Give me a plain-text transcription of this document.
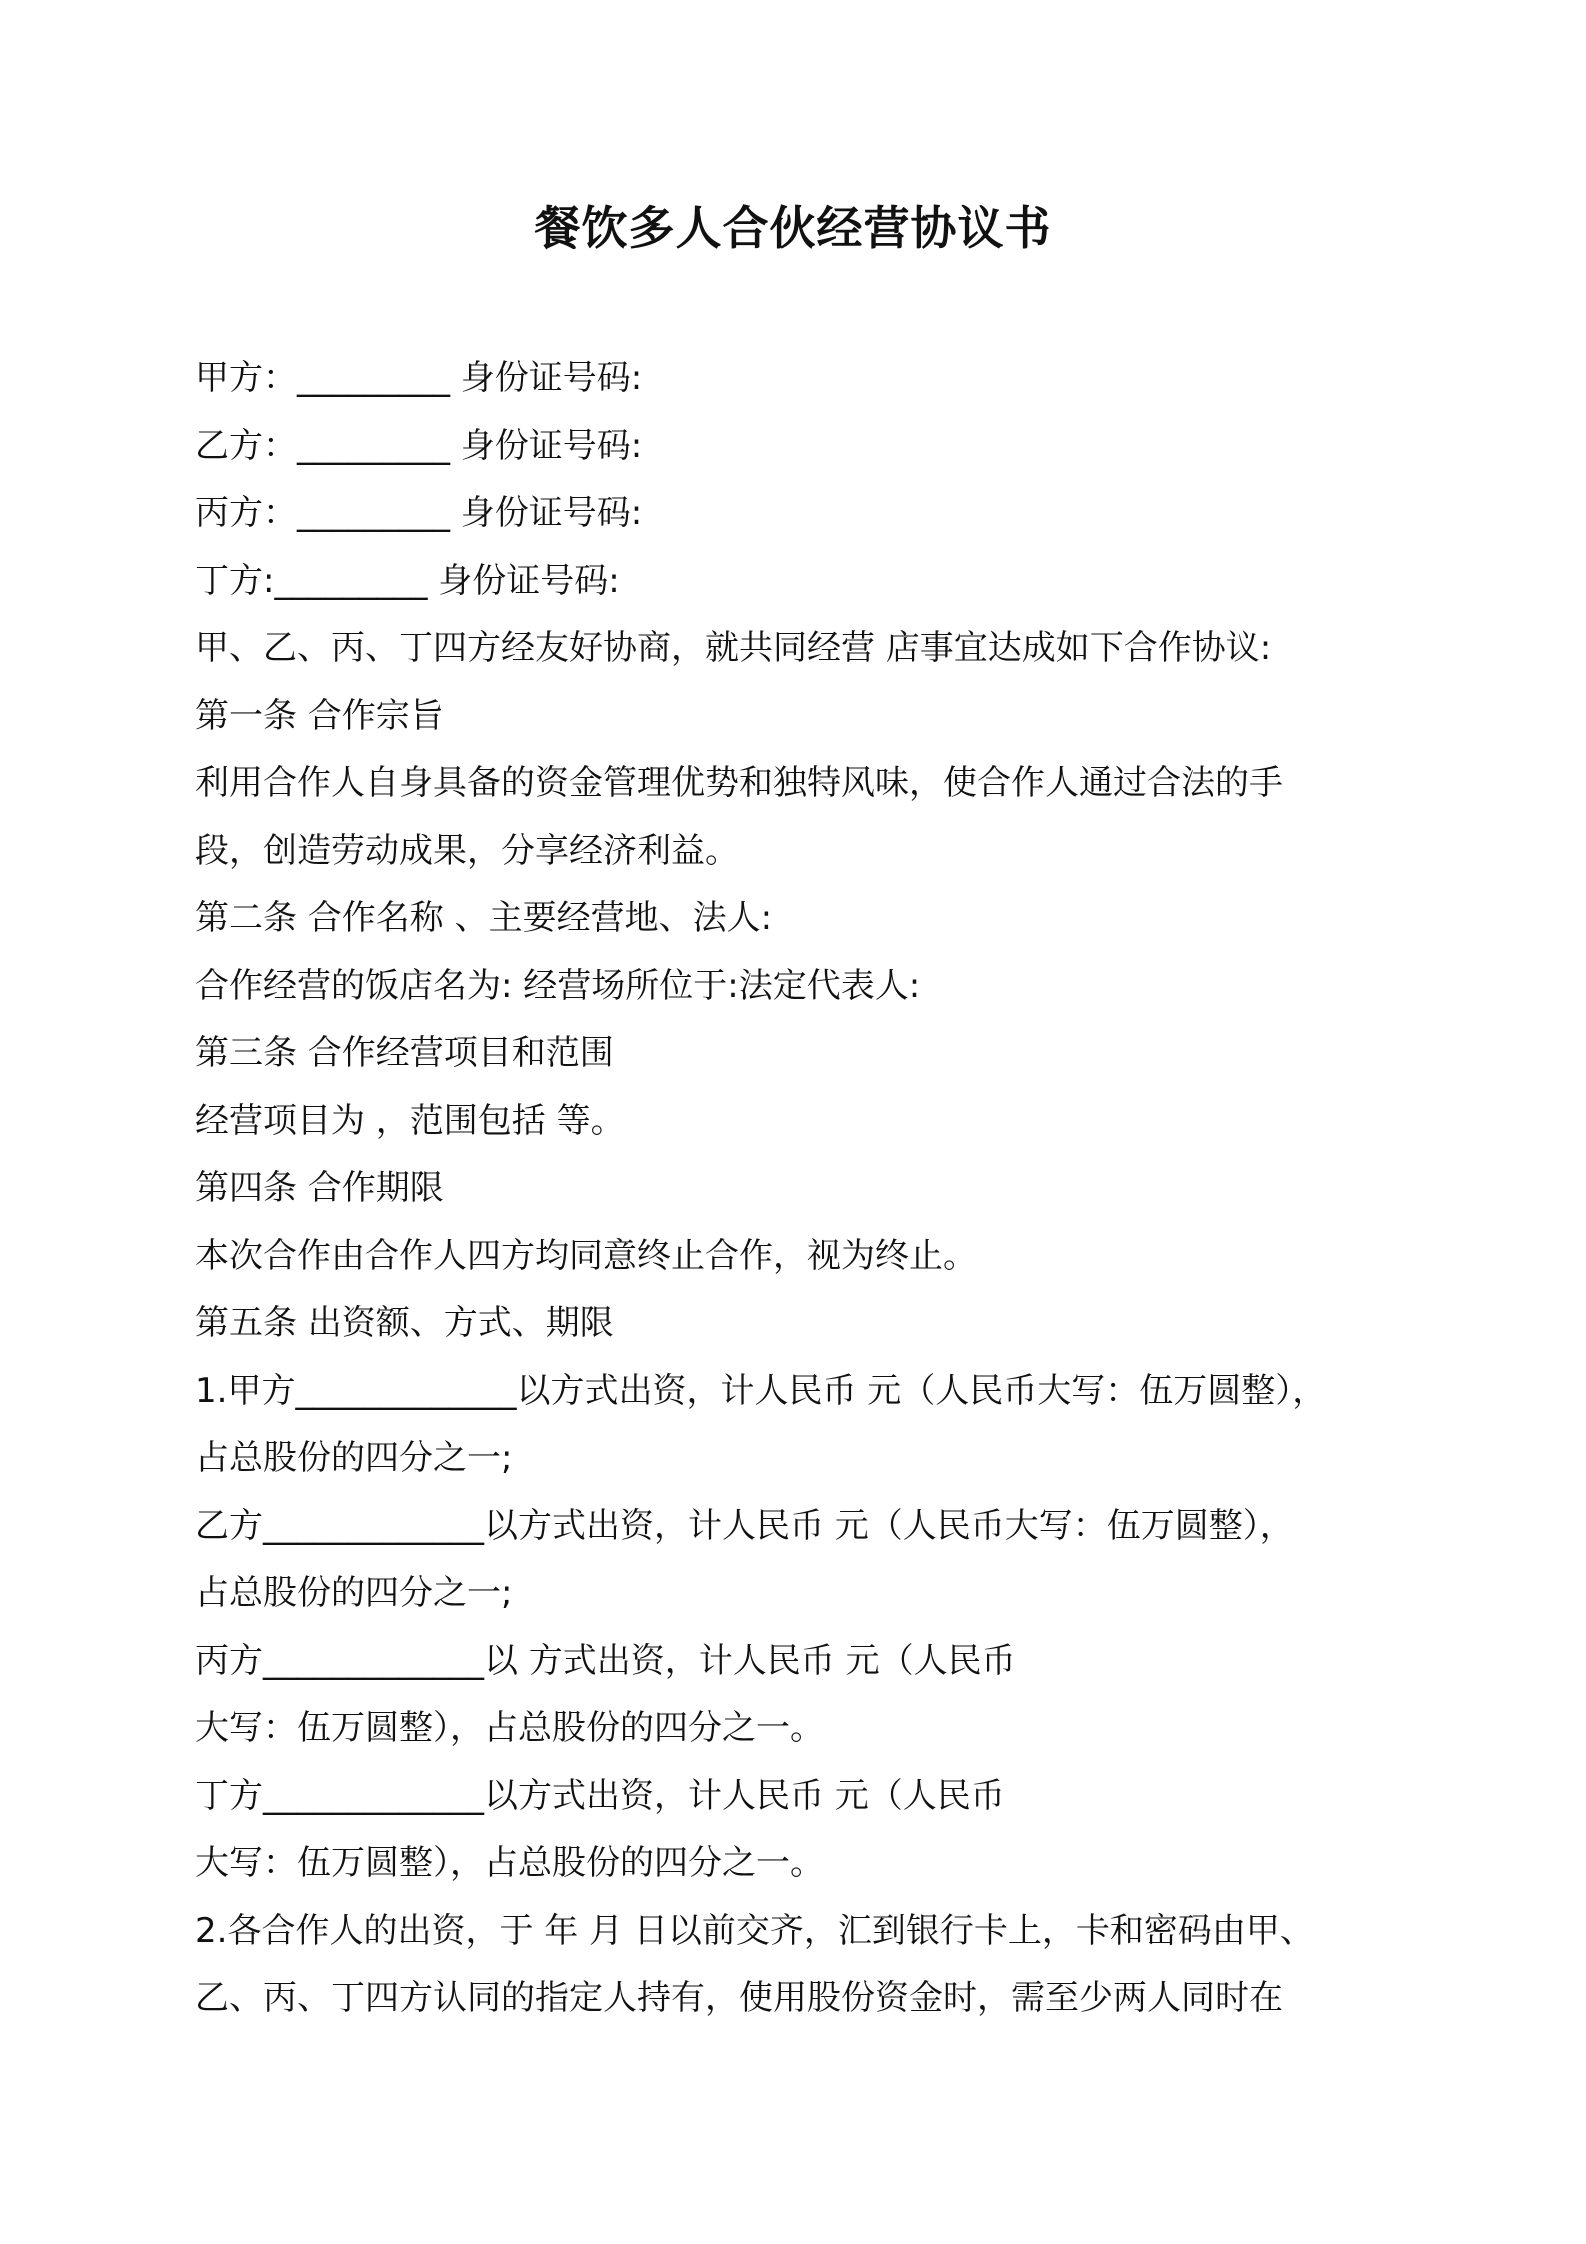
餐饮多人合伙经营协议书
甲方：_________ 身份证号码:
乙方：_________ 身份证号码:
丙方：_________ 身份证号码:
丁方:_________ 身份证号码:
甲、乙、丙、丁四方经友好协商，就共同经营 店事宜达成如下合作协议:
第一条 合作宗旨
利用合作人自身具备的资金管理优势和独特风味，使合作人通过合法的手
段，创造劳动成果，分享经济利益。
第二条 合作名称 、主要经营地、法人:
合作经营的饭店名为: 经营场所位于:法定代表人:
第三条 合作经营项目和范围
经营项目为 ，范围包括 等。
第四条 合作期限
本次合作由合作人四方均同意终止合作，视为终止。
第五条 出资额、方式、期限
1.甲方_____________以方式出资，计人民币 元（人民币大写：伍万圆整），
占总股份的四分之一;
乙方_____________以方式出资，计人民币 元（人民币大写：伍万圆整），
占总股份的四分之一;
丙方_____________以 方式出资，计人民币 元（人民币
大写：伍万圆整），占总股份的四分之一。
丁方_____________以方式出资，计人民币 元（人民币
大写：伍万圆整），占总股份的四分之一。
2.各合作人的出资，于 年 月 日以前交齐，汇到银行卡上，卡和密码由甲、
乙、丙、丁四方认同的指定人持有，使用股份资金时，需至少两人同时在
